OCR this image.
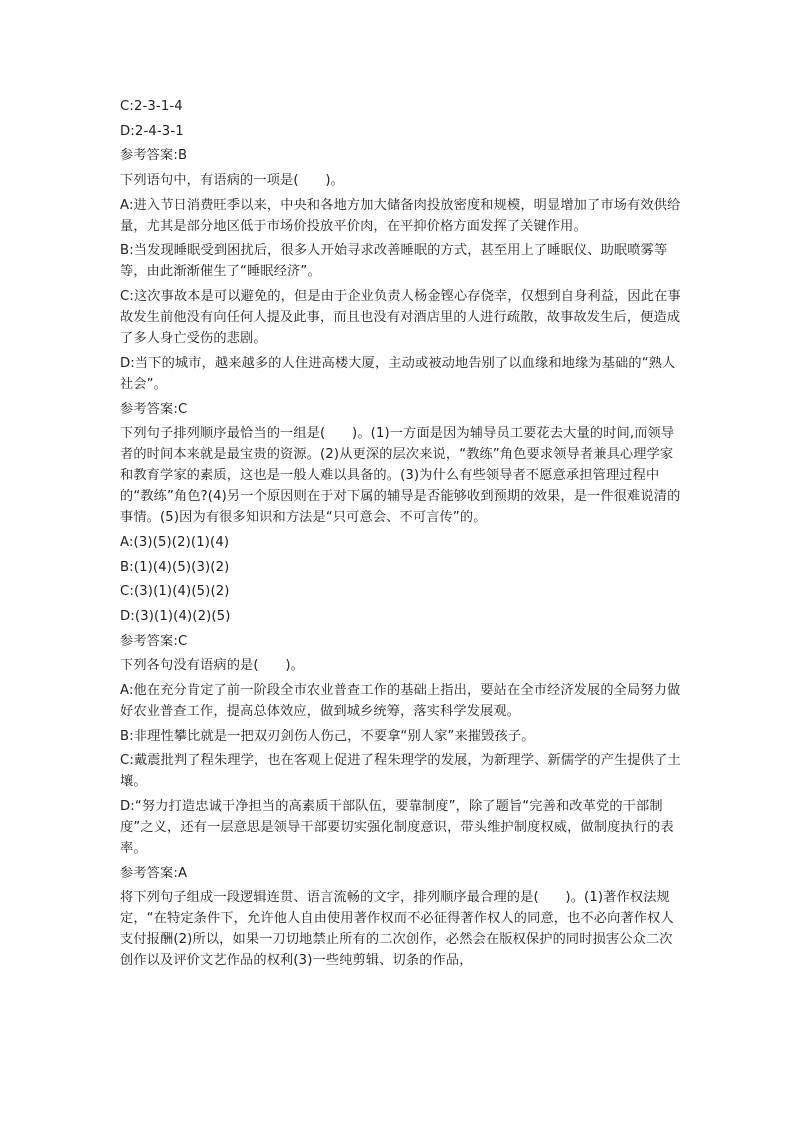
C:2-3-1-4

D:2-4-3-1

参考答案:B

下列语句中，有语病的一项是(　　)。

A:进入节日消费旺季以来，中央和各地方加大储备肉投放密度和规模，明显增加了市场有效供给量，尤其是部分地区低于市场价投放平价肉，在平抑价格方面发挥了关键作用。

B:当发现睡眠受到困扰后，很多人开始寻求改善睡眠的方式，甚至用上了睡眠仪、助眠喷雾等等，由此渐渐催生了“睡眠经济”。

C:这次事故本是可以避免的，但是由于企业负责人杨金铿心存侥幸，仅想到自身利益，因此在事故发生前他没有向任何人提及此事，而且也没有对酒店里的人进行疏散，故事故发生后，便造成了多人身亡受伤的悲剧。

D:当下的城市，越来越多的人住进高楼大厦，主动或被动地告别了以血缘和地缘为基础的“熟人社会”。

参考答案:C

下列句子排列顺序最恰当的一组是(　　)。(1)一方面是因为辅导员工要花去大量的时间,而领导者的时间本来就是最宝贵的资源。(2)从更深的层次来说，“教练”角色要求领导者兼具心理学家和教育学家的素质，这也是一般人难以具备的。(3)为什么有些领导者不愿意承担管理过程中的“教练”角色?(4)另一个原因则在于对下属的辅导是否能够收到预期的效果，是一件很难说清的事情。(5)因为有很多知识和方法是“只可意会、不可言传”的。

A:(3)(5)(2)(1)(4)

B:(1)(4)(5)(3)(2)

C:(3)(1)(4)(5)(2)

D:(3)(1)(4)(2)(5)

参考答案:C

下列各句没有语病的是(　　)。

A:他在充分肯定了前一阶段全市农业普查工作的基础上指出，要站在全市经济发展的全局努力做好农业普查工作，提高总体效应，做到城乡统筹，落实科学发展观。

B:非理性攀比就是一把双刃剑伤人伤己，不要拿“别人家”来摧毁孩子。

C:戴震批判了程朱理学，也在客观上促进了程朱理学的发展，为新理学、新儒学的产生提供了土壤。

D:“努力打造忠诚干净担当的高素质干部队伍，要靠制度”，除了题旨“完善和改革党的干部制度”之义，还有一层意思是领导干部要切实强化制度意识，带头维护制度权威，做制度执行的表率。

参考答案:A

将下列句子组成一段逻辑连贯、语言流畅的文字，排列顺序最合理的是(　　)。(1)著作权法规定，“在特定条件下，允许他人自由使用著作权而不必征得著作权人的同意，也不必向著作权人支付报酬(2)所以，如果一刀切地禁止所有的二次创作，必然会在版权保护的同时损害公众二次创作以及评价文艺作品的权利(3)一些纯剪辑、切条的作品，
